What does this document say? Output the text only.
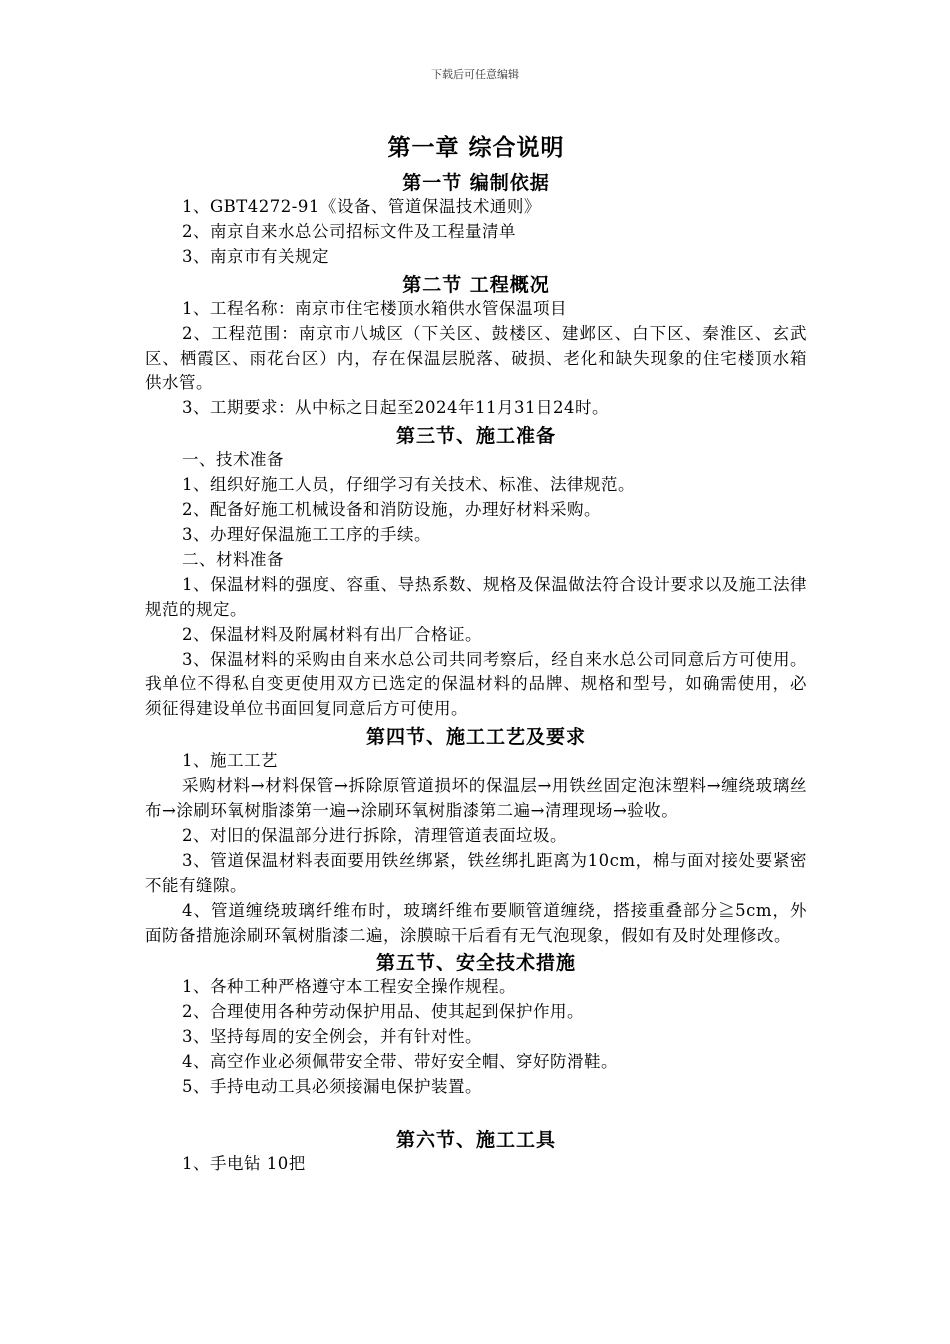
下载后可任意编辑
第一章 综合说明
第一节 编制依据

1、GBT4272-91《设备、管道保温技术通则》

2、南京自来水总公司招标文件及工程量清单

3、南京市有关规定

第二节 工程概况

1、工程名称：南京市住宅楼顶水箱供水管保温项目

2、工程范围：南京市八城区（下关区、鼓楼区、建邺区、白下区、秦淮区、玄武区、栖霞区、雨花台区）内，存在保温层脱落、破损、老化和缺失现象的住宅楼顶水箱供水管。

3、工期要求：从中标之日起至2024年11月31日24时。

第三节、施工准备

一、技术准备

1、组织好施工人员，仔细学习有关技术、标准、法律规范。

2、配备好施工机械设备和消防设施，办理好材料采购。

3、办理好保温施工工序的手续。

二、材料准备

1、保温材料的强度、容重、导热系数、规格及保温做法符合设计要求以及施工法律规范的规定。

2、保温材料及附属材料有出厂合格证。

3、保温材料的采购由自来水总公司共同考察后，经自来水总公司同意后方可使用。我单位不得私自变更使用双方已选定的保温材料的品牌、规格和型号，如确需使用，必须征得建设单位书面回复同意后方可使用。

第四节、施工工艺及要求

1、施工工艺

采购材料→材料保管→拆除原管道损坏的保温层→用铁丝固定泡沫塑料→缠绕玻璃丝布→涂刷环氧树脂漆第一遍→涂刷环氧树脂漆第二遍→清理现场→验收。

2、对旧的保温部分进行拆除，清理管道表面垃圾。

3、管道保温材料表面要用铁丝绑紧，铁丝绑扎距离为10cm，棉与面对接处要紧密不能有缝隙。

4、管道缠绕玻璃纤维布时，玻璃纤维布要顺管道缠绕，搭接重叠部分≧5cm，外面防备措施涂刷环氧树脂漆二遍，涂膜晾干后看有无气泡现象，假如有及时处理修改。

第五节、安全技术措施

1、各种工种严格遵守本工程安全操作规程。

2、合理使用各种劳动保护用品、使其起到保护作用。

3、坚持每周的安全例会，并有针对性。

4、高空作业必须佩带安全带、带好安全帽、穿好防滑鞋。

5、手持电动工具必须接漏电保护装置。

第六节、施工工具

1、手电钻 10把
